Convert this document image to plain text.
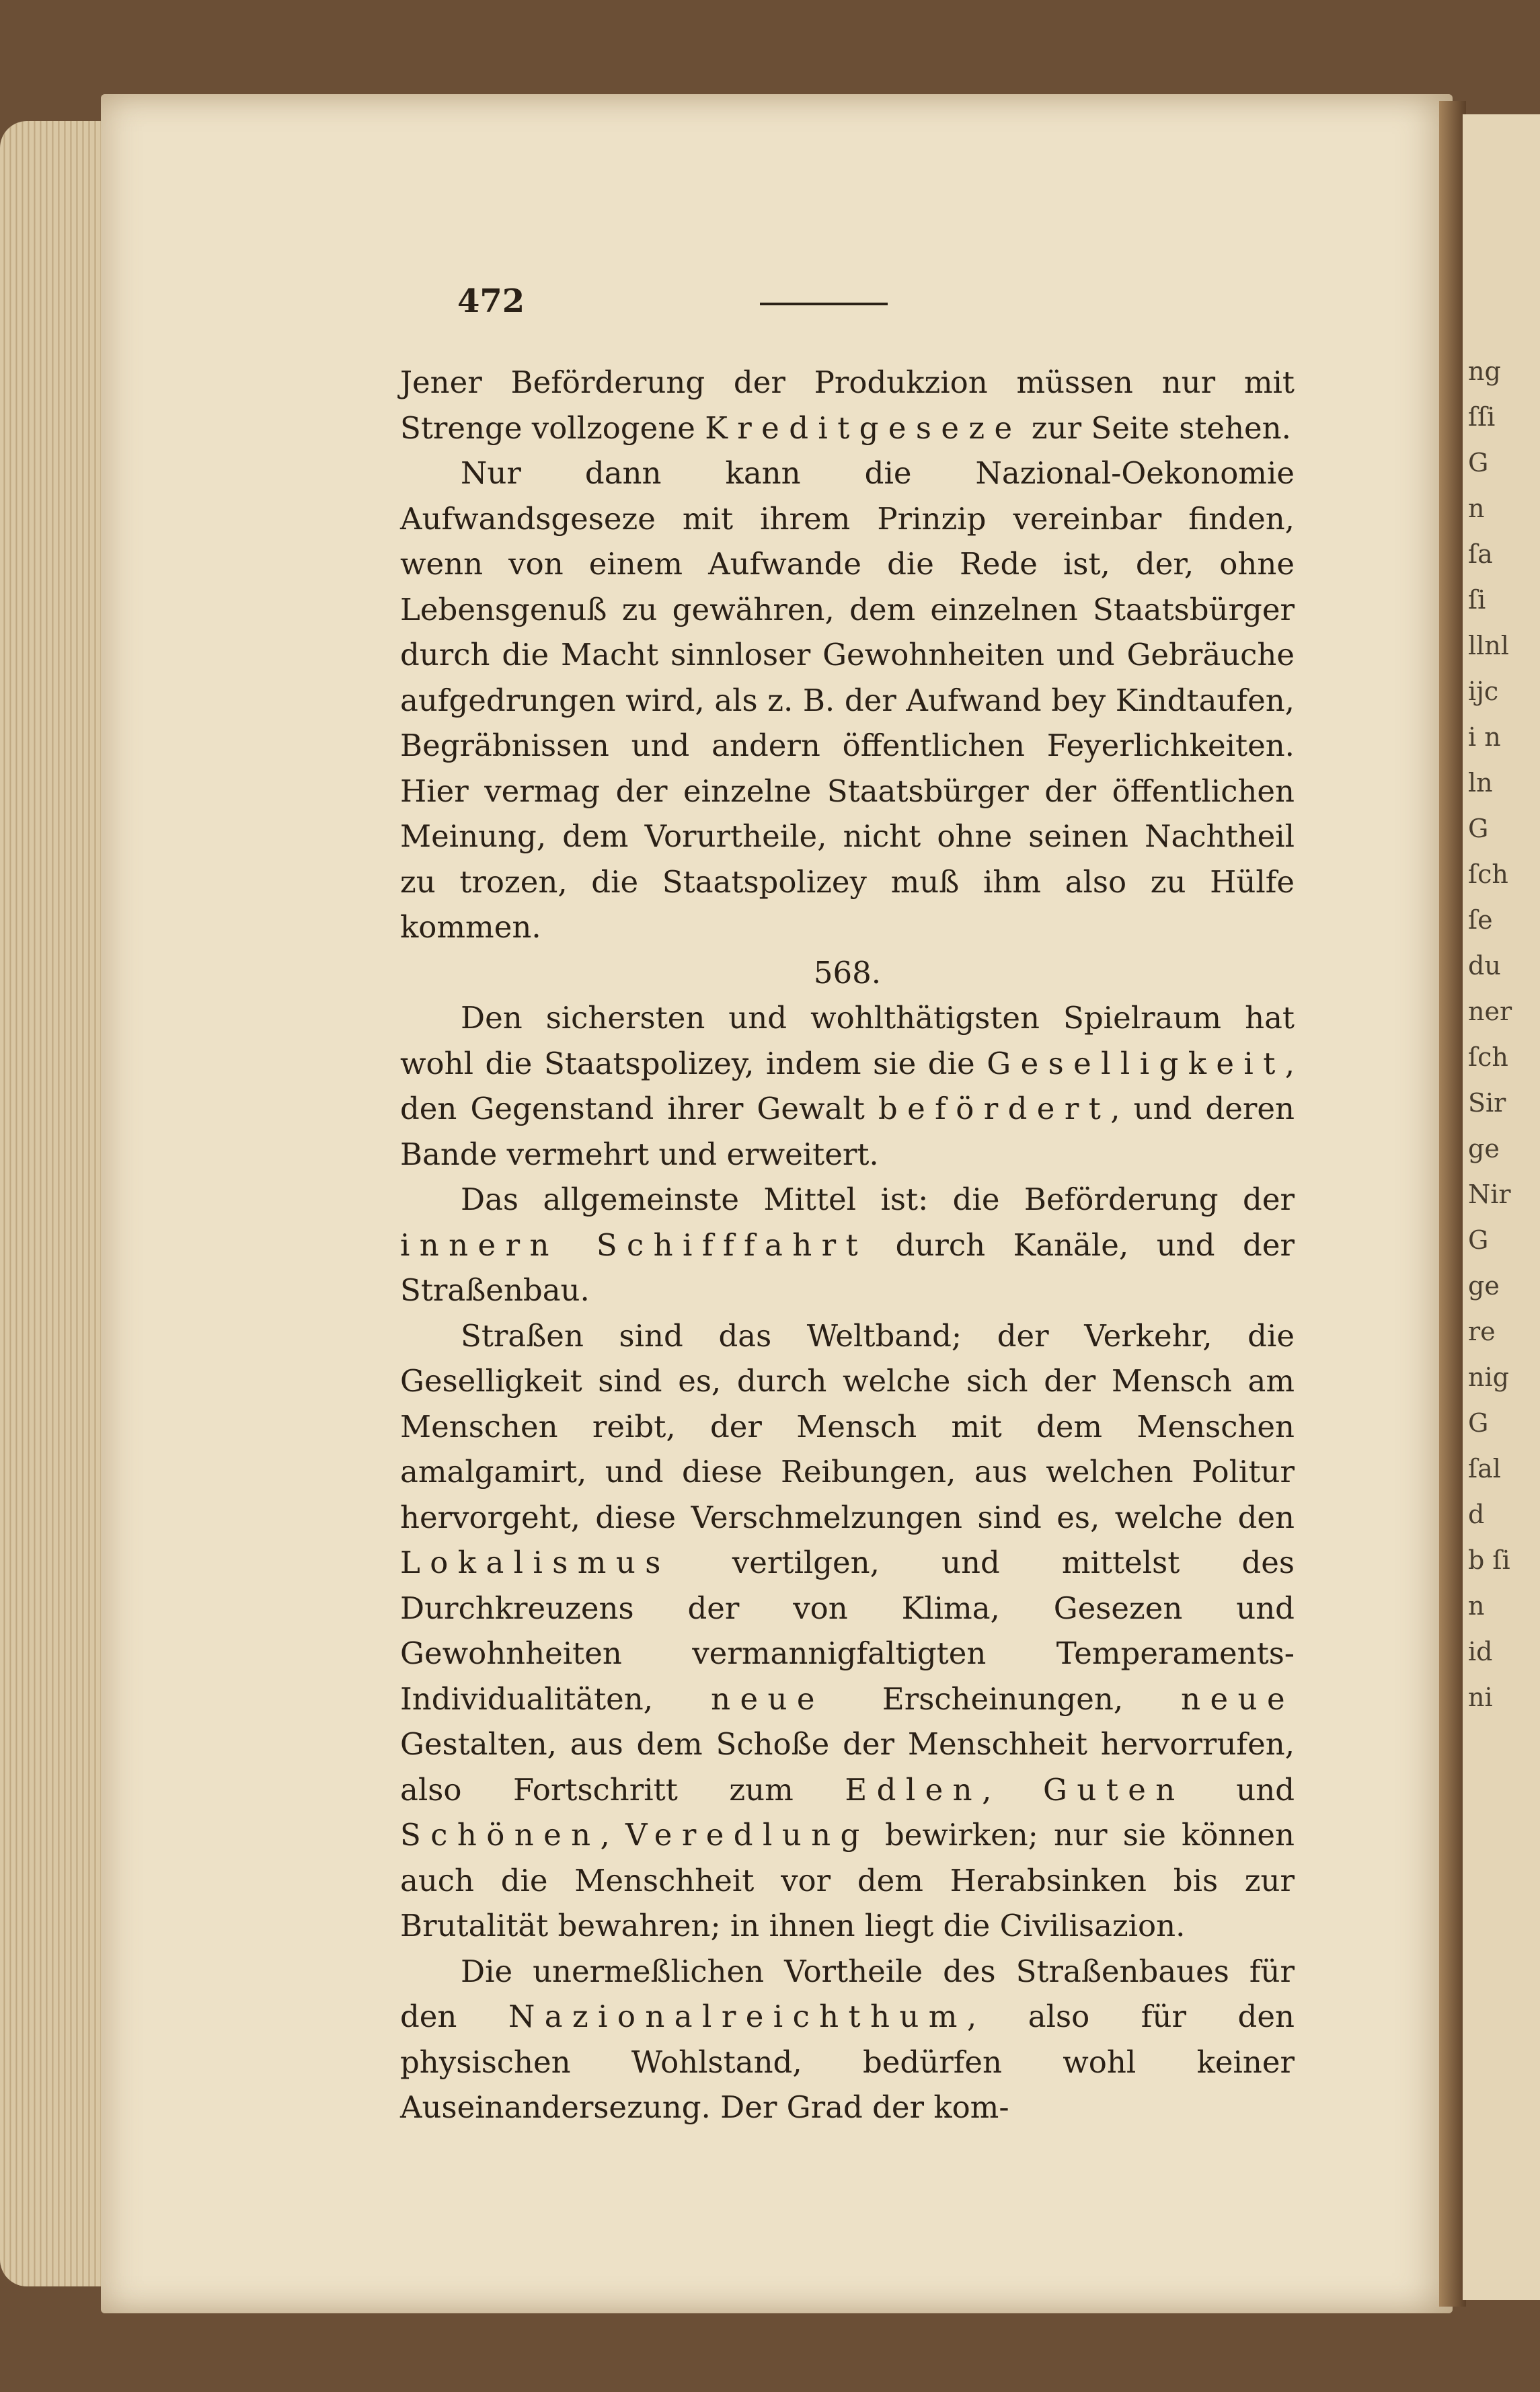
ng
ſſi
G
n
ſa
ſi
llnl
ijc
i n
ln
G
ſch
ſe
du
ner
ſch
Sir
ge
Nir
G
ge
re
nig
G
ſal
d
b ſi
n
id
ni
472

Jener Beförderung der Produkzion müssen nur mit Strenge vollzogene Kreditgeseze zur Seite stehen.

Nur dann kann die Nazional-Oekonomie Aufwandsgeseze mit ihrem Prinzip vereinbar finden, wenn von einem Aufwande die Rede ist, der, ohne Lebensgenuß zu gewähren, dem einzelnen Staatsbürger durch die Macht sinnloser Gewohnheiten und Gebräuche aufgedrungen wird, als z. B. der Aufwand bey Kindtaufen, Begräbnissen und andern öffentlichen Feyerlichkeiten. Hier vermag der einzelne Staatsbürger der öffentlichen Meinung, dem Vorurtheile, nicht ohne seinen Nachtheil zu trozen, die Staatspolizey muß ihm also zu Hülfe kommen.

568.

Den sichersten und wohlthätigsten Spielraum hat wohl die Staatspolizey, indem sie die Geselligkeit, den Gegenstand ihrer Gewalt befördert, und deren Bande vermehrt und erweitert.

Das allgemeinste Mittel ist: die Beförderung der innern Schifffahrt durch Kanäle, und der Straßenbau.

Straßen sind das Weltband; der Verkehr, die Geselligkeit sind es, durch welche sich der Mensch am Menschen reibt, der Mensch mit dem Menschen amalgamirt, und diese Reibungen, aus welchen Politur hervorgeht, diese Verschmelzungen sind es, welche den Lokalismus vertilgen, und mittelst des Durchkreuzens der von Klima, Gesezen und Gewohnheiten vermannigfaltigten Temperaments-Individualitäten, neue Erscheinungen, neue Gestalten, aus dem Schoße der Menschheit hervorrufen, also Fortschritt zum Edlen, Guten und Schönen, Veredlung bewirken; nur sie können auch die Menschheit vor dem Herabsinken bis zur Brutalität bewahren; in ihnen liegt die Civilisazion.

Die unermeßlichen Vortheile des Straßenbaues für den Nazionalreichthum, also für den physischen Wohlstand, bedürfen wohl keiner Auseinandersezung. Der Grad der kom-
